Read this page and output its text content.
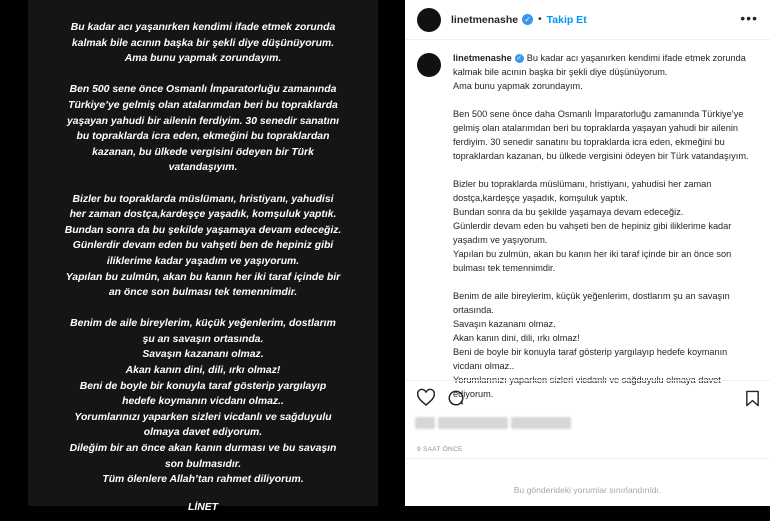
Bu kadar acı yaşanırken kendimi ifade etmek zorunda

kalmak bile acının başka bir şekli diye düşünüyorum.

Ama bunu yapmak zorundayım.

Ben 500 sene önce Osmanlı İmparatorluğu zamanında

Türkiye’ye gelmiş olan atalarımdan beri bu topraklarda

yaşayan yahudi bir ailenin ferdiyim. 30 senedir sanatını

bu topraklarda icra eden, ekmeğini bu topraklardan

kazanan, bu ülkede vergisini ödeyen bir Türk

vatandaşıyım.

Bizler bu topraklarda müslümanı, hristiyanı, yahudisi

her zaman dostça,kardeşçe yaşadık, komşuluk yaptık.

Bundan sonra da bu şekilde yaşamaya devam edeceğiz.

Günlerdir devam eden bu vahşeti ben de hepiniz gibi

iliklerime kadar yaşadım ve yaşıyorum.

Yapılan bu zulmün, akan bu kanın her iki taraf içinde bir

an önce son bulması tek temennimdir.

Benim de aile bireylerim, küçük yeğenlerim, dostlarım

şu an savaşın ortasında.

Savaşın kazananı olmaz.

Akan kanın dini, dili, ırkı olmaz!

Beni de boyle bir konuyla taraf gösterip yargılayıp

hedefe koymanın vicdanı olmaz..

Yorumlarınızı yaparken sizleri vicdanlı ve sağduyulu

olmaya davet ediyorum.

Dileğim bir an önce akan kanın durması ve bu savaşın

son bulmasıdır.

Tüm ölenlere Allah’tan rahmet diliyorum.

LİNET

linetmenashe ✓ • Takip Et	•••

linetmenashe ✓ Bu kadar acı yaşanırken kendimi ifade etmek zorunda kalmak bile acının başka bir şekli diye düşünüyorum.

Ama bunu yapmak zorundayım.

Ben 500 sene önce daha Osmanlı İmparatorluğu zamanında Türkiye’ye gelmiş olan atalarımdan beri bu topraklarda yaşayan yahudi bir ailenin ferdiyim. 30 senedir sanatını bu topraklarda icra eden, ekmeğini bu topraklardan kazanan, bu ülkede vergisini ödeyen bir Türk vatandaşıyım.

Bizler bu topraklarda müslümanı, hristiyanı, yahudisi her zaman dostça,kardeşçe yaşadık, komşuluk yaptık.

Bundan sonra da bu şekilde yaşamaya devam edeceğiz.

Günlerdir devam eden bu vahşeti ben de hepiniz gibi iliklerime kadar yaşadım ve yaşıyorum.

Yapılan bu zulmün, akan bu kanın her iki taraf içinde bir an önce son bulması tek temennimdir.

Benim de aile bireylerim, küçük yeğenlerim, dostlarım şu an savaşın ortasında.

Savaşın kazananı olmaz.

Akan kanın dini, dili, ırkı olmaz!

Beni de boyle bir konuyla taraf gösterip yargılayıp hedefe koymanın vicdanı olmaz..

Yorumlarınızı yaparken sizleri vicdanlı ve sağduyulu olmaya davet ediyorum.

9 SAAT ÖNCE
Bu gönderideki yorumlar sınırlandırıldı.
